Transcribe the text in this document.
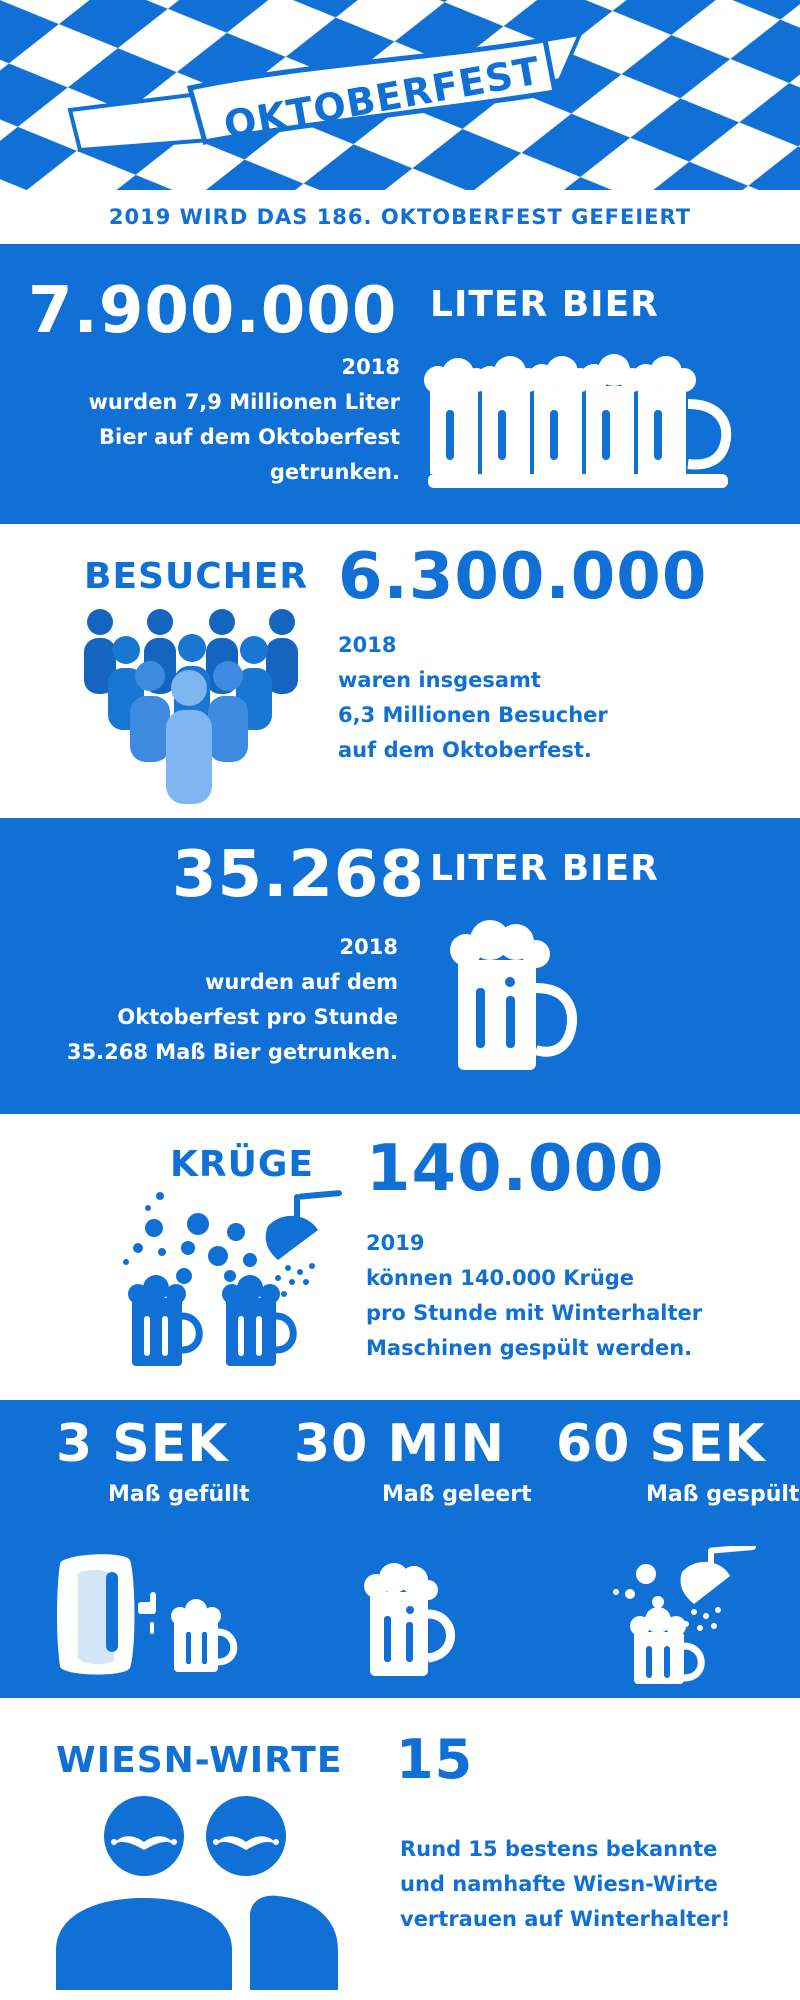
OKTOBERFEST
2019 WIRD DAS 186. OKTOBERFEST GEFEIERT
7.900.000 LITER BIER
2018
wurden 7,9 Millionen Liter
Bier auf dem Oktoberfest
getrunken.
BESUCHER 6.300.000
2018
waren insgesamt
6,3 Millionen Besucher
auf dem Oktoberfest.
35.268 LITER BIER
2018
wurden auf dem
Oktoberfest pro Stunde
35.268 Maß Bier getrunken.
KRÜGE 140.000
2019
können 140.000 Krüge
pro Stunde mit Winterhalter
Maschinen gespült werden.
3 SEK
Maß gefüllt
30 MIN
Maß geleert
60 SEK
Maß gespült
WIESN-WIRTE 15
Rund 15 bestens bekannte
und namhafte Wiesn-Wirte
vertrauen auf Winterhalter!
